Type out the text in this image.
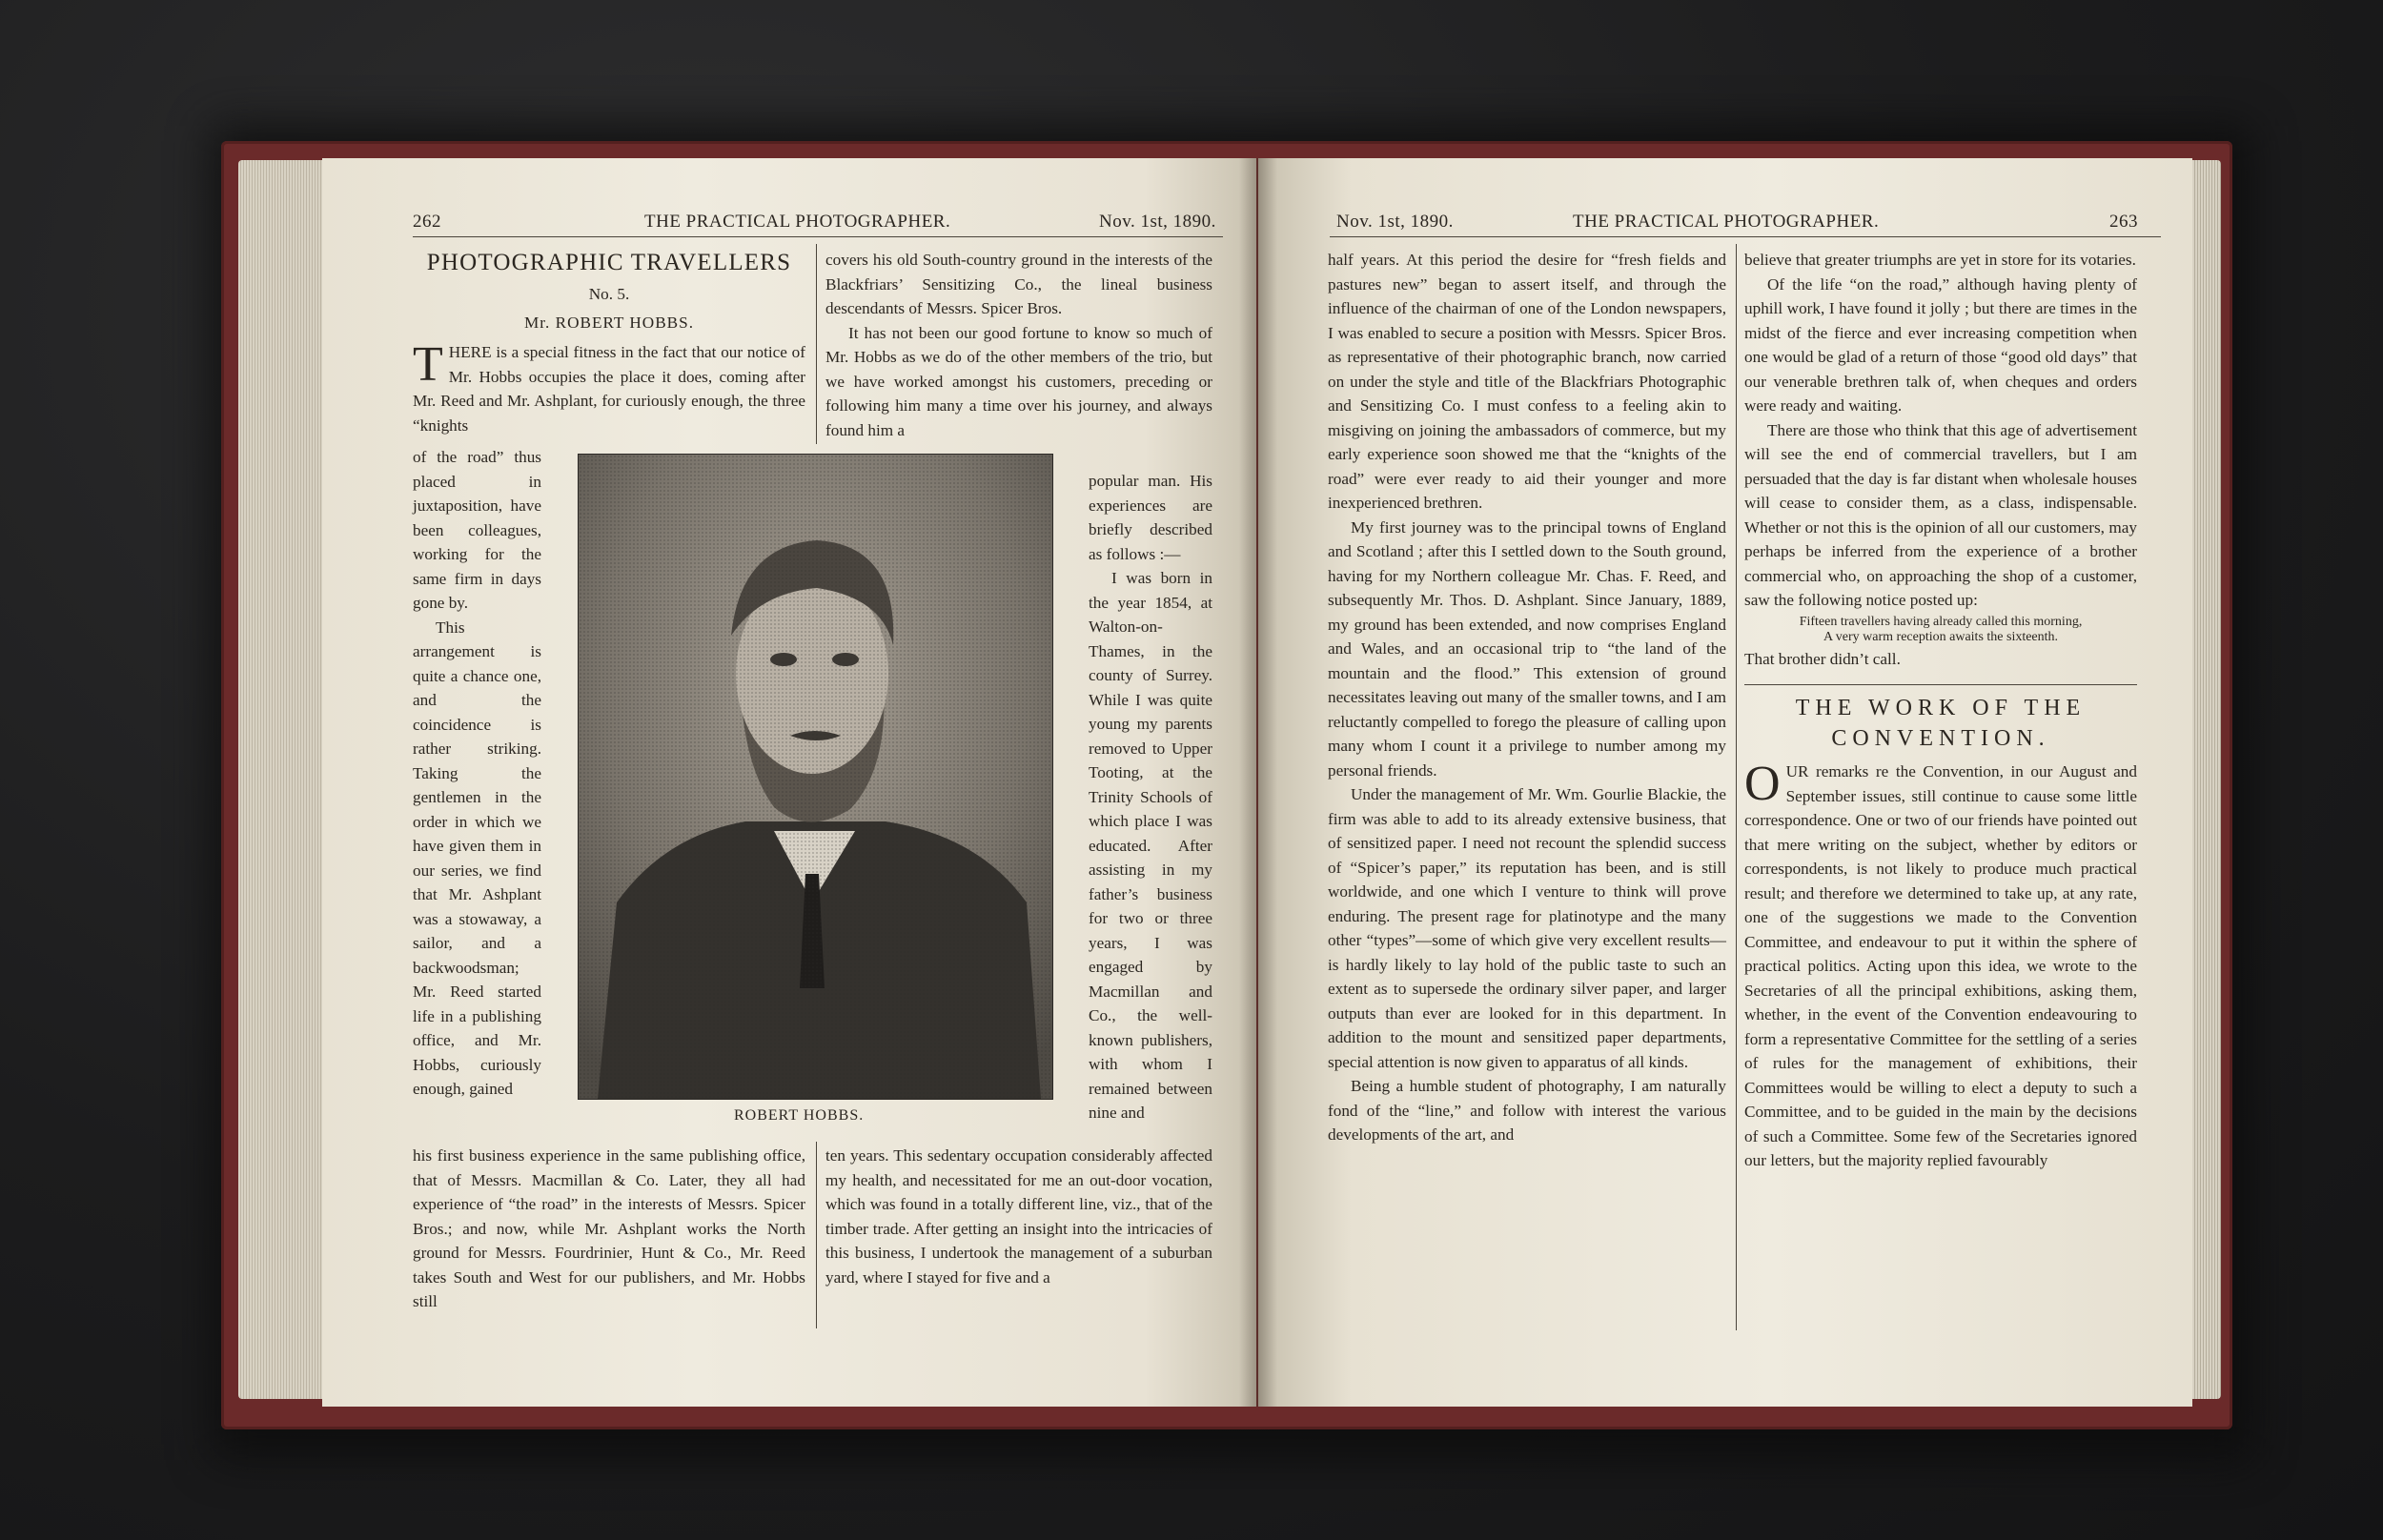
262	THE PRACTICAL PHOTOGRAPHER.	Nov. 1st, 1890.
PHOTOGRAPHIC TRAVELLERS
No. 5.
Mr. ROBERT HOBBS.

THERE is a special fitness in the fact that our notice of Mr. Hobbs occupies the place it does, coming after Mr. Reed and Mr. Ashplant, for curiously enough, the three “knights

of the road” thus placed in juxtaposition, have been colleagues, working for the same firm in days gone by.

This arrangement is quite a chance one, and the coincidence is rather striking. Taking the gentlemen in the order in which we have given them in our series, we find that Mr. Ashplant was a stowaway, a sailor, and a backwoodsman; Mr. Reed started life in a publishing office, and Mr. Hobbs, curiously enough, gained

his first business experience in the same publishing office, that of Messrs. Macmillan & Co. Later, they all had experience of “the road” in the interests of Messrs. Spicer Bros.; and now, while Mr. Ashplant works the North ground for Messrs. Fourdrinier, Hunt & Co., Mr. Reed takes South and West for our publishers, and Mr. Hobbs still

covers his old South-country ground in the interests of the Blackfriars’ Sensitizing Co., the lineal business descendants of Messrs. Spicer Bros.

It has not been our good fortune to know so much of Mr. Hobbs as we do of the other members of the trio, but we have worked amongst his customers, preceding or following him many a time over his journey, and always found him a

popular man. His experiences are briefly described as follows :—

I was born in the year 1854, at Walton-on-Thames, in the county of Surrey. While I was quite young my parents removed to Upper Tooting, at the Trinity Schools of which place I was educated. After assisting in my father’s business for two or three years, I was engaged by Macmillan and Co., the well-known publishers, with whom I remained between nine and

ten years. This sedentary occupation considerably affected my health, and necessitated for me an out-door vocation, which was found in a totally different line, viz., that of the timber trade. After getting an insight into the intricacies of this business, I undertook the management of a suburban yard, where I stayed for five and a

ROBERT HOBBS.
Nov. 1st, 1890.	THE PRACTICAL PHOTOGRAPHER.	263

half years. At this period the desire for “fresh fields and pastures new” began to assert itself, and through the influence of the chairman of one of the London newspapers, I was enabled to secure a position with Messrs. Spicer Bros. as representative of their photographic branch, now carried on under the style and title of the Blackfriars Photographic and Sensitizing Co. I must confess to a feeling akin to misgiving on joining the ambassadors of commerce, but my early experience soon showed me that the “knights of the road” were ever ready to aid their younger and more inexperienced brethren.

My first journey was to the principal towns of England and Scotland ; after this I settled down to the South ground, having for my Northern colleague Mr. Chas. F. Reed, and subsequently Mr. Thos. D. Ashplant. Since January, 1889, my ground has been extended, and now comprises England and Wales, and an occasional trip to “the land of the mountain and the flood.” This extension of ground necessitates leaving out many of the smaller towns, and I am reluctantly compelled to forego the pleasure of calling upon many whom I count it a privilege to number among my personal friends.

Under the management of Mr. Wm. Gourlie Blackie, the firm was able to add to its already extensive business, that of sensitized paper. I need not recount the splendid success of “Spicer’s paper,” its reputation has been, and is still worldwide, and one which I venture to think will prove enduring. The present rage for platinotype and the many other “types”—some of which give very excellent results—is hardly likely to lay hold of the public taste to such an extent as to supersede the ordinary silver paper, and larger outputs than ever are looked for in this department. In addition to the mount and sensitized paper departments, special attention is now given to apparatus of all kinds.

Being a humble student of photography, I am naturally fond of the “line,” and follow with interest the various developments of the art, and

believe that greater triumphs are yet in store for its votaries.

Of the life “on the road,” although having plenty of uphill work, I have found it jolly ; but there are times in the midst of the fierce and ever increasing competition when one would be glad of a return of those “good old days” that our venerable brethren talk of, when cheques and orders were ready and waiting.

There are those who think that this age of advertisement will see the end of commercial travellers, but I am persuaded that the day is far distant when wholesale houses will cease to consider them, as a class, indispensable. Whether or not this is the opinion of all our customers, may perhaps be inferred from the experience of a brother commercial who, on approaching the shop of a customer, saw the following notice posted up:

Fifteen travellers having already called this morning,
A very warm reception awaits the sixteenth.

That brother didn’t call.

THE WORK OF THE
CONVENTION.

OUR remarks re the Convention, in our August and September issues, still continue to cause some little correspondence. One or two of our friends have pointed out that mere writing on the subject, whether by editors or correspondents, is not likely to produce much practical result; and therefore we determined to take up, at any rate, one of the suggestions we made to the Convention Committee, and endeavour to put it within the sphere of practical politics. Acting upon this idea, we wrote to the Secretaries of all the principal exhibitions, asking them, whether, in the event of the Convention endeavouring to form a representative Committee for the settling of a series of rules for the management of exhibitions, their Committees would be willing to elect a deputy to such a Committee, and to be guided in the main by the decisions of such a Committee. Some few of the Secretaries ignored our letters, but the majority replied favourably
